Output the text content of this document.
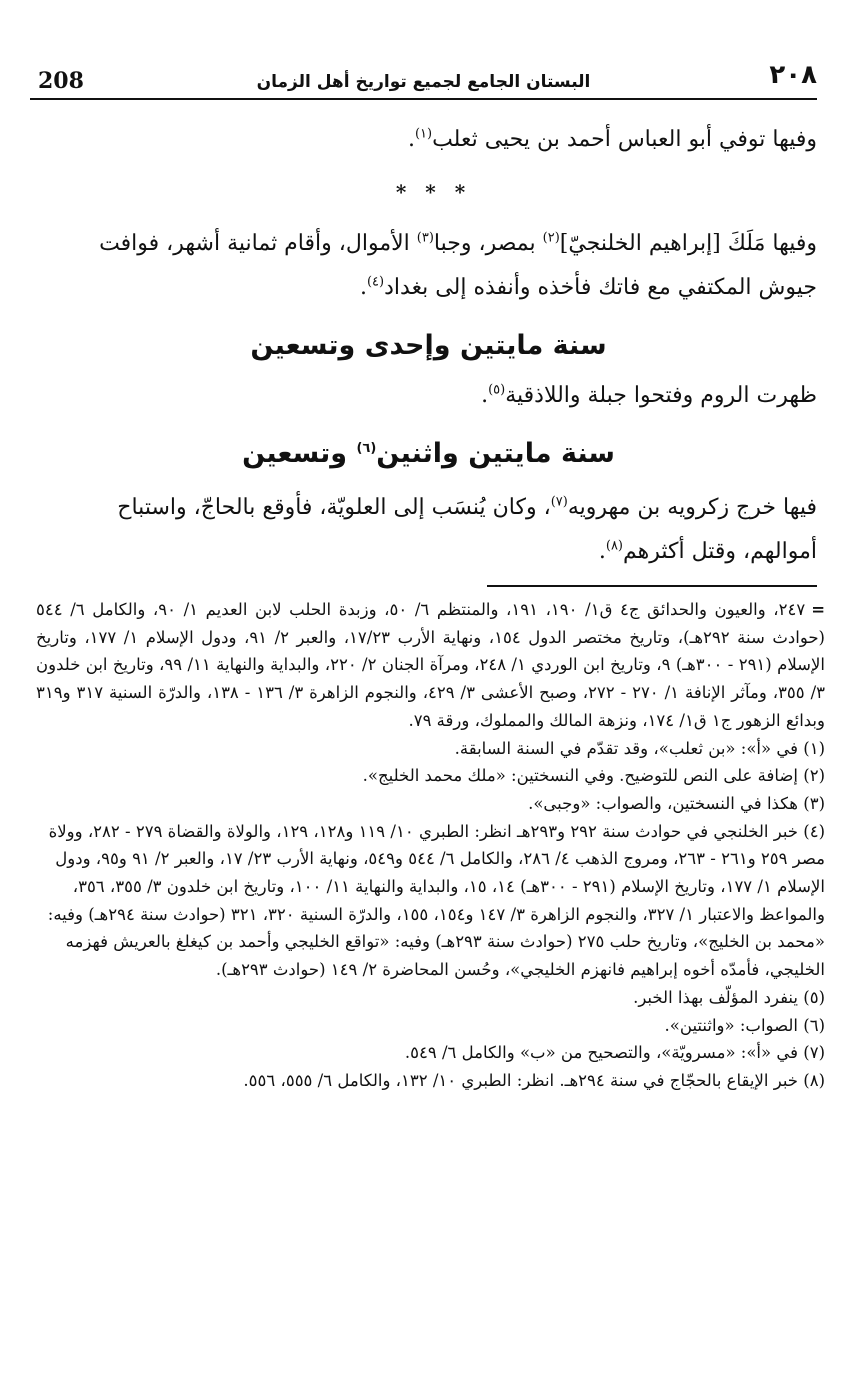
208	البستان الجامع لجميع تواريخ أهل الزمان	٢٠٨
وفيها توفي أبو العباس أحمد بن يحيى ثعلب$^{(١)}$.
* * *
وفيها مَلَكَ [إبراهيم الخلنجيّ]$^{(٢)}$ بمصر، وجبا$^{(٣)}$ الأموال، وأقام ثمانية أشهر، فوافت جيوش المكتفي مع فاتك فأخذه وأنفذه إلى بغداد$^{(٤)}$.
سنة مايتين وإحدى وتسعين
ظهرت الروم وفتحوا جبلة واللاذقية$^{(٥)}$.
سنة مايتين واثنين$^{(٦)}$ وتسعين
فيها خرج زكرويه بن مهرويه$^{(٧)}$، وكان يُنسَب إلى العلويّة، فأوقع بالحاجّ، واستباح أموالهم، وقتل أكثرهم$^{(٨)}$.
=٢٤٧، والعيون والحدائق ج٤ ق١/ ١٩٠، ١٩١، والمنتظم ٦/ ٥٠، وزبدة الحلب لابن العديم ١/ ٩٠، والكامل ٦/ ٥٤٤ (حوادث سنة ٢٩٢هـ)، وتاريخ مختصر الدول ١٥٤، ونهاية الأرب ١٧/٢٣، والعبر ٢/ ٩١، ودول الإسلام ١/ ١٧٧، وتاريخ الإسلام (٢٩١ - ٣٠٠هـ) ٩، وتاريخ ابن الوردي ١/ ٢٤٨، ومرآة الجنان ٢/ ٢٢٠، والبداية والنهاية ١١/ ٩٩، وتاريخ ابن خلدون ٣/ ٣٥٥، ومآثر الإنافة ١/ ٢٧٠ - ٢٧٢، وصبح الأعشى ٣/ ٤٢٩، والنجوم الزاهرة ٣/ ١٣٦ - ١٣٨، والدرّة السنية ٣١٧ و٣١٩ وبدائع الزهور ج١ ق١/ ١٧٤، ونزهة المالك والمملوك، ورقة ٧٩.
(١) في «أ»: «بن ثعلب»، وقد تقدّم في السنة السابقة.
(٢) إضافة على النص للتوضيح. وفي النسختين: «ملك محمد الخليج».
(٣) هكذا في النسختين، والصواب: «وجبى».
(٤) خبر الخلنجي في حوادث سنة ٢٩٢ و٢٩٣هـ انظر: الطبري ١٠/ ١١٩ و١٢٨، ١٢٩، والولاة والقضاة ٢٧٩ - ٢٨٢، وولاة مصر ٢٥٩ و٢٦١ - ٢٦٣، ومروج الذهب ٤/ ٢٨٦، والكامل ٦/ ٥٤٤ و٥٤٩، ونهاية الأرب ٢٣/ ١٧، والعبر ٢/ ٩١ و٩٥، ودول الإسلام ١/ ١٧٧، وتاريخ الإسلام (٢٩١ - ٣٠٠هـ) ١٤، ١٥، والبداية والنهاية ١١/ ١٠٠، وتاريخ ابن خلدون ٣/ ٣٥٥، ٣٥٦، والمواعظ والاعتبار ١/ ٣٢٧، والنجوم الزاهرة ٣/ ١٤٧ و١٥٤، ١٥٥، والدرّة السنية ٣٢٠، ٣٢١ (حوادث سنة ٢٩٤هـ) وفيه: «محمد بن الخليج»، وتاريخ حلب ٢٧٥ (حوادث سنة ٢٩٣هـ) وفيه: «تواقع الخليجي وأحمد بن كيغلغ بالعريش فهزمه الخليجي، فأمدّه أخوه إبراهيم فانهزم الخليجي»، وحُسن المحاضرة ٢/ ١٤٩ (حوادث ٢٩٣هـ).
(٥) ينفرد المؤلّف بهذا الخبر.
(٦) الصواب: «واثنتين».
(٧) في «أ»: «مسرويّة»، والتصحيح من «ب» والكامل ٦/ ٥٤٩.
(٨) خبر الإيقاع بالحجّاج في سنة ٢٩٤هـ. انظر: الطبري ١٠/ ١٣٢، والكامل ٦/ ٥٥٥، ٥٥٦.
